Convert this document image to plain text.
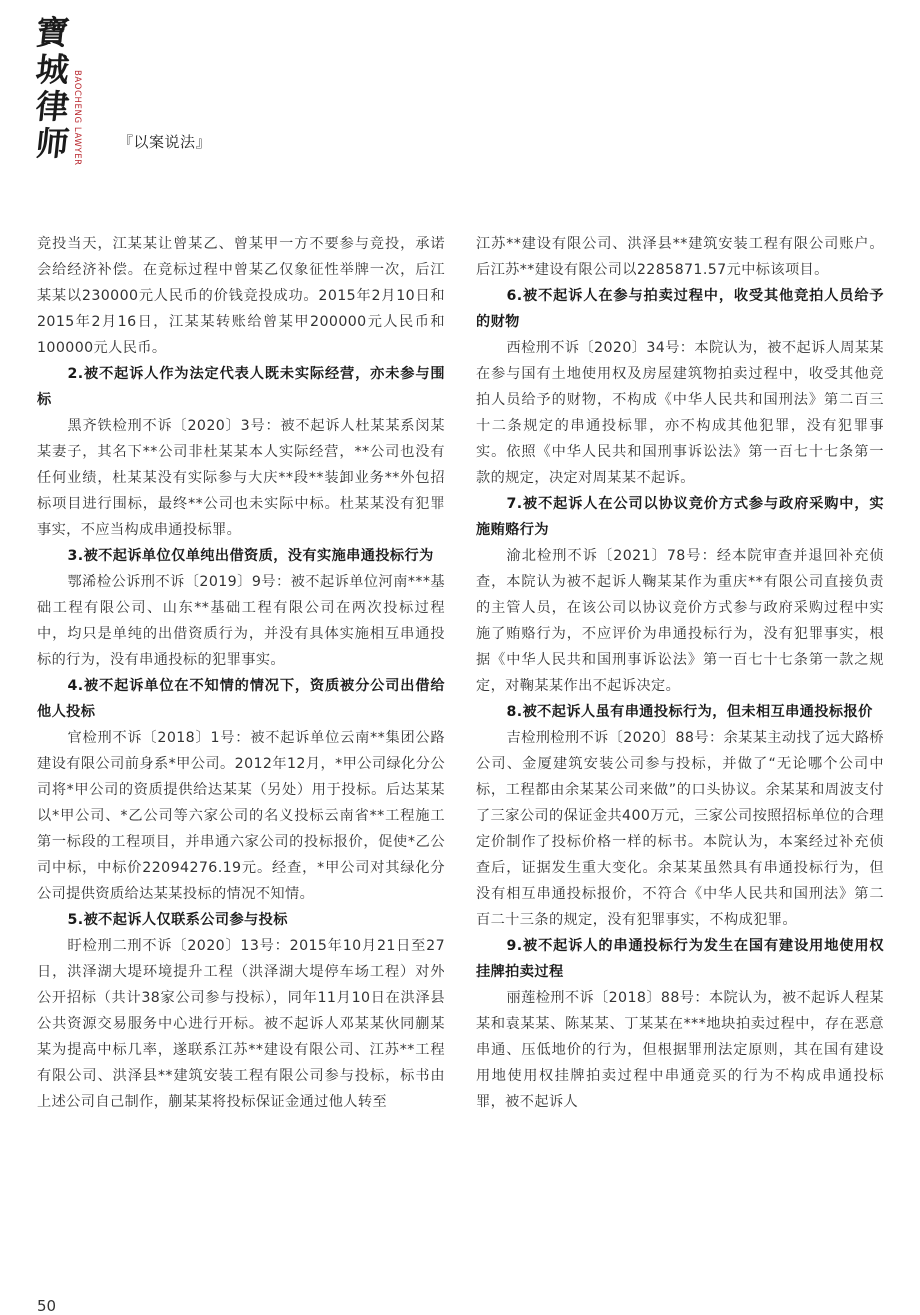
寶
城
律
师 BAOCHENG LAWYER 『以案说法』

竞投当天，江某某让曾某乙、曾某甲一方不要参与竞投，承诺会给经济补偿。在竞标过程中曾某乙仅象征性举牌一次，后江某某以230000元人民币的价钱竞投成功。2015年2月10日和2015年2月16日，江某某转账给曾某甲200000元人民币和100000元人民币。

2.被不起诉人作为法定代表人既未实际经营，亦未参与围标

黑齐铁检刑不诉〔2020〕3号：被不起诉人杜某某系闵某某妻子，其名下**公司非杜某某本人实际经营，**公司也没有任何业绩，杜某某没有实际参与大庆**段**装卸业务**外包招标项目进行围标，最终**公司也未实际中标。杜某某没有犯罪事实，不应当构成串通投标罪。

3.被不起诉单位仅单纯出借资质，没有实施串通投标行为

鄂浠检公诉刑不诉〔2019〕9号：被不起诉单位河南***基础工程有限公司、山东**基础工程有限公司在两次投标过程中，均只是单纯的出借资质行为，并没有具体实施相互串通投标的行为，没有串通投标的犯罪事实。

4.被不起诉单位在不知情的情况下，资质被分公司出借给他人投标

官检刑不诉〔2018〕1号：被不起诉单位云南**集团公路建设有限公司前身系*甲公司。2012年12月，*甲公司绿化分公司将*甲公司的资质提供给达某某（另处）用于投标。后达某某以*甲公司、*乙公司等六家公司的名义投标云南省**工程施工第一标段的工程项目，并串通六家公司的投标报价，促使*乙公司中标，中标价22094276.19元。经查，*甲公司对其绿化分公司提供资质给达某某投标的情况不知情。

5.被不起诉人仅联系公司参与投标

盱检刑二刑不诉〔2020〕13号：2015年10月21日至27日，洪泽湖大堤环境提升工程（洪泽湖大堤停车场工程）对外公开招标（共计38家公司参与投标），同年11月10日在洪泽县公共资源交易服务中心进行开标。被不起诉人邓某某伙同蒯某某为提高中标几率，遂联系江苏**建设有限公司、江苏**工程有限公司、洪泽县**建筑安装工程有限公司参与投标，标书由上述公司自己制作，蒯某某将投标保证金通过他人转至

江苏**建设有限公司、洪泽县**建筑安装工程有限公司账户。后江苏**建设有限公司以2285871.57元中标该项目。

6.被不起诉人在参与拍卖过程中，收受其他竞拍人员给予的财物

西检刑不诉〔2020〕34号：本院认为，被不起诉人周某某在参与国有土地使用权及房屋建筑物拍卖过程中，收受其他竞拍人员给予的财物，不构成《中华人民共和国刑法》第二百三十二条规定的串通投标罪，亦不构成其他犯罪，没有犯罪事实。依照《中华人民共和国刑事诉讼法》第一百七十七条第一款的规定，决定对周某某不起诉。

7.被不起诉人在公司以协议竞价方式参与政府采购中，实施贿赂行为

渝北检刑不诉〔2021〕78号：经本院审查并退回补充侦查，本院认为被不起诉人鞠某某作为重庆**有限公司直接负责的主管人员，在该公司以协议竞价方式参与政府采购过程中实施了贿赂行为，不应评价为串通投标行为，没有犯罪事实，根据《中华人民共和国刑事诉讼法》第一百七十七条第一款之规定，对鞠某某作出不起诉决定。

8.被不起诉人虽有串通投标行为，但未相互串通投标报价

吉检刑检刑不诉〔2020〕88号：余某某主动找了远大路桥公司、金厦建筑安装公司参与投标，并做了“无论哪个公司中标，工程都由余某某公司来做”的口头协议。余某某和周波支付了三家公司的保证金共400万元，三家公司按照招标单位的合理定价制作了投标价格一样的标书。本院认为，本案经过补充侦查后，证据发生重大变化。余某某虽然具有串通投标行为，但没有相互串通投标报价，不符合《中华人民共和国刑法》第二百二十三条的规定，没有犯罪事实，不构成犯罪。

9.被不起诉人的串通投标行为发生在国有建设用地使用权挂牌拍卖过程

丽莲检刑不诉〔2018〕88号：本院认为，被不起诉人程某某和袁某某、陈某某、丁某某在***地块拍卖过程中，存在恶意串通、压低地价的行为，但根据罪刑法定原则，其在国有建设用地使用权挂牌拍卖过程中串通竞买的行为不构成串通投标罪，被不起诉人

50
